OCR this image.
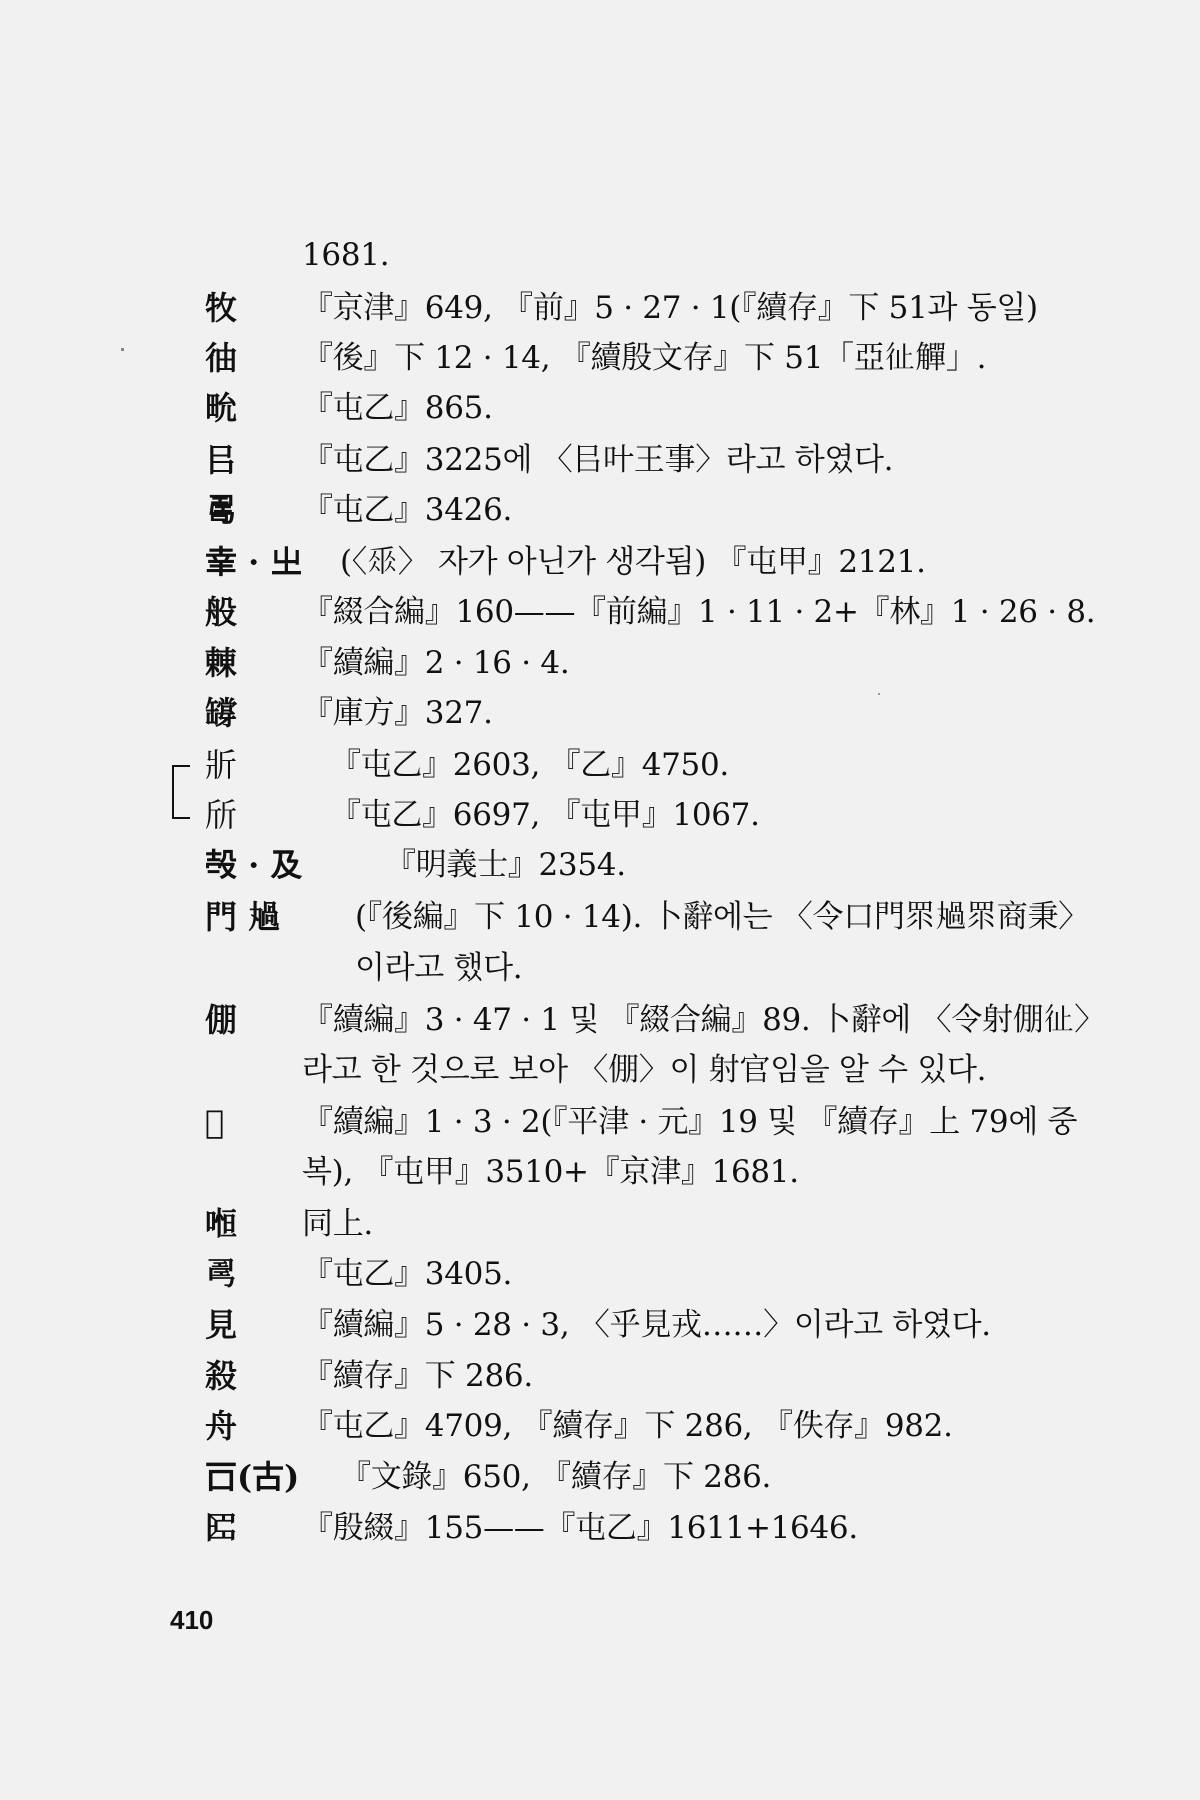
1681.
牧 『京津』649, 『前』5 · 27 · 1(『續存』下 51과 동일)
㣙 『後』下 12 · 14, 『續殷文存』下 51「亞𢓊觶」.
㽙 『屯乙』865.
㠯 『屯乙』3225에 〈㠯叶王事〉라고 하였다.
𠷎 『屯乙』3426.
𦍒 · 㞢 (〈𠂹〉 자가 아닌가 생각됨) 『屯甲』2121.
般 『綴合編』160——『前編』1 · 11 · 2+『林』1 · 26 · 8.
㯥 『續編』2 · 16 · 4.
𦉘 『庫方』327.
斨	『屯乙』2603, 『乙』4750.
斦	『屯乙』6697, 『屯甲』1067.
𣪊 · 及	『明義士』2354.
門 𠷏 (『後編』下 10 · 14). 卜辭에는 〈令口門眔𠷏眔商秉〉
이라고 했다.
倗 『續編』3 · 47 · 1 및 『綴合編』89. 卜辭에 〈令射倗𢓊〉
라고 한 것으로 보아 〈倗〉이 射官임을 알 수 있다.
𡗩	『續編』1 · 3 · 2(『平津 · 元』19 및 『續存』上 79에 중
복), 『屯甲』3510+『京津』1681.
𠷐 同上.
𢏚 『屯乙』3405.
見 『續編』5 · 28 · 3, 〈乎見戎……〉이라고 하였다.
殺 『續存』下 286.
舟 『屯乙』4709, 『續存』下 286, 『佚存』982.
𠮛(古) 『文錄』650, 『續存』下 286.
𠥓 『殷綴』155——『屯乙』1611+1646.
410
